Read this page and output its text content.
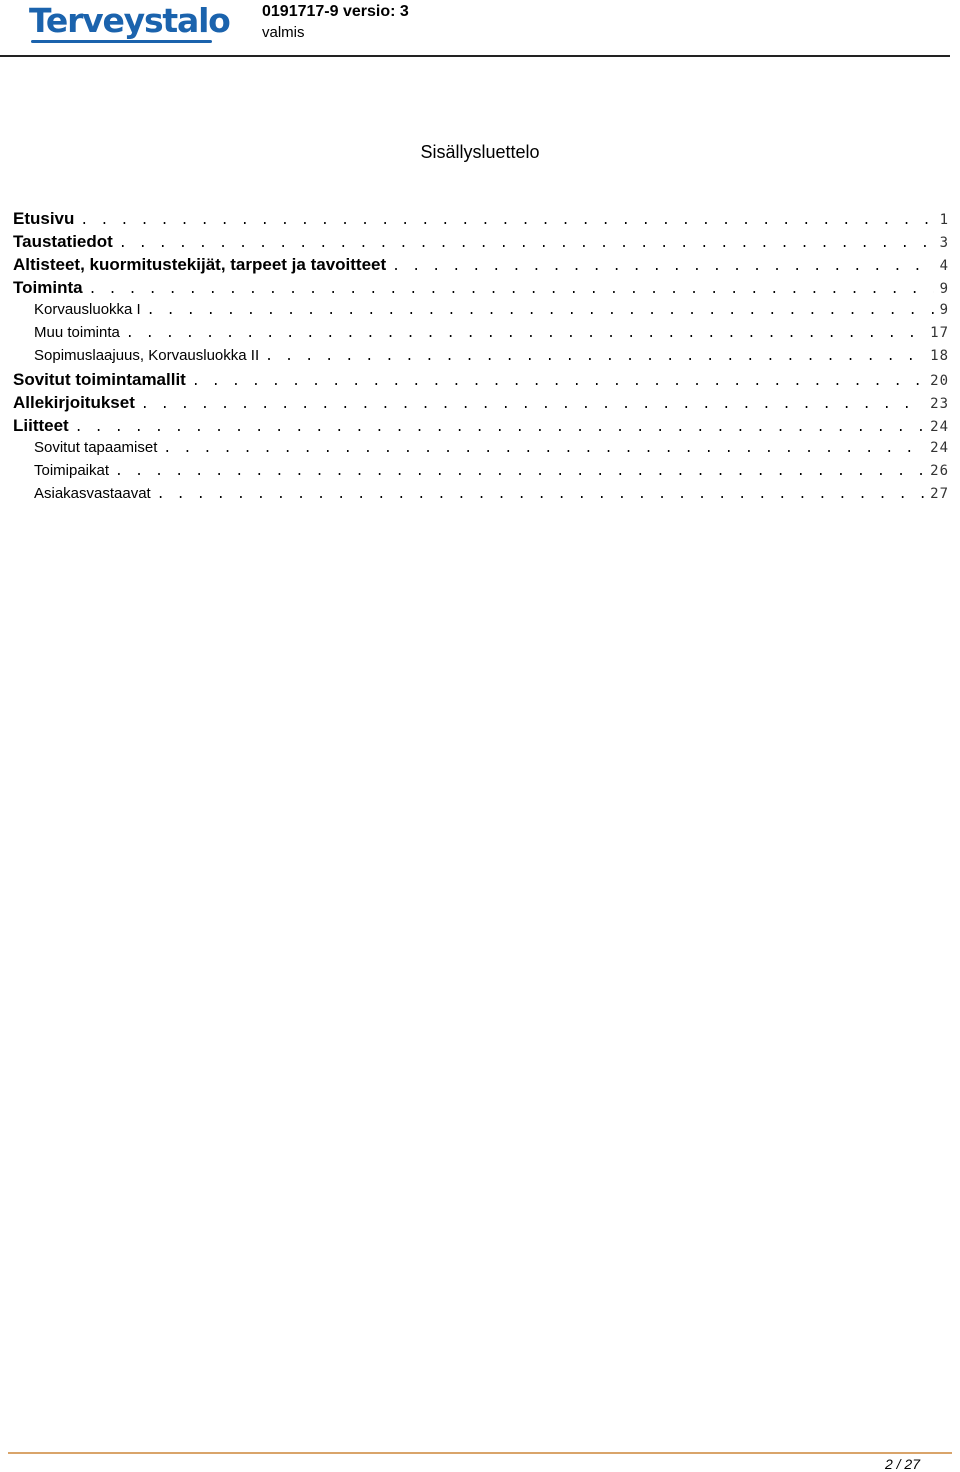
Terveystalo 0191717-9 versio: 3
valmis
Sisällysluettelo
Etusivu . . .	1
Taustatiedot . . .	3
Altisteet, kuormitustekijät, tarpeet ja tavoitteet . . .	4
Toiminta . . .	9
Korvausluokka I . . .	9
Muu toiminta . . .	17
Sopimuslaajuus, Korvausluokka II . . .	18
Sovitut toimintamallit . . .	20
Allekirjoitukset . . .	23
Liitteet . . .	24
Sovitut tapaamiset . . .	24
Toimipaikat . . .	26
Asiakasvastaavat . . .	27
2 / 27
